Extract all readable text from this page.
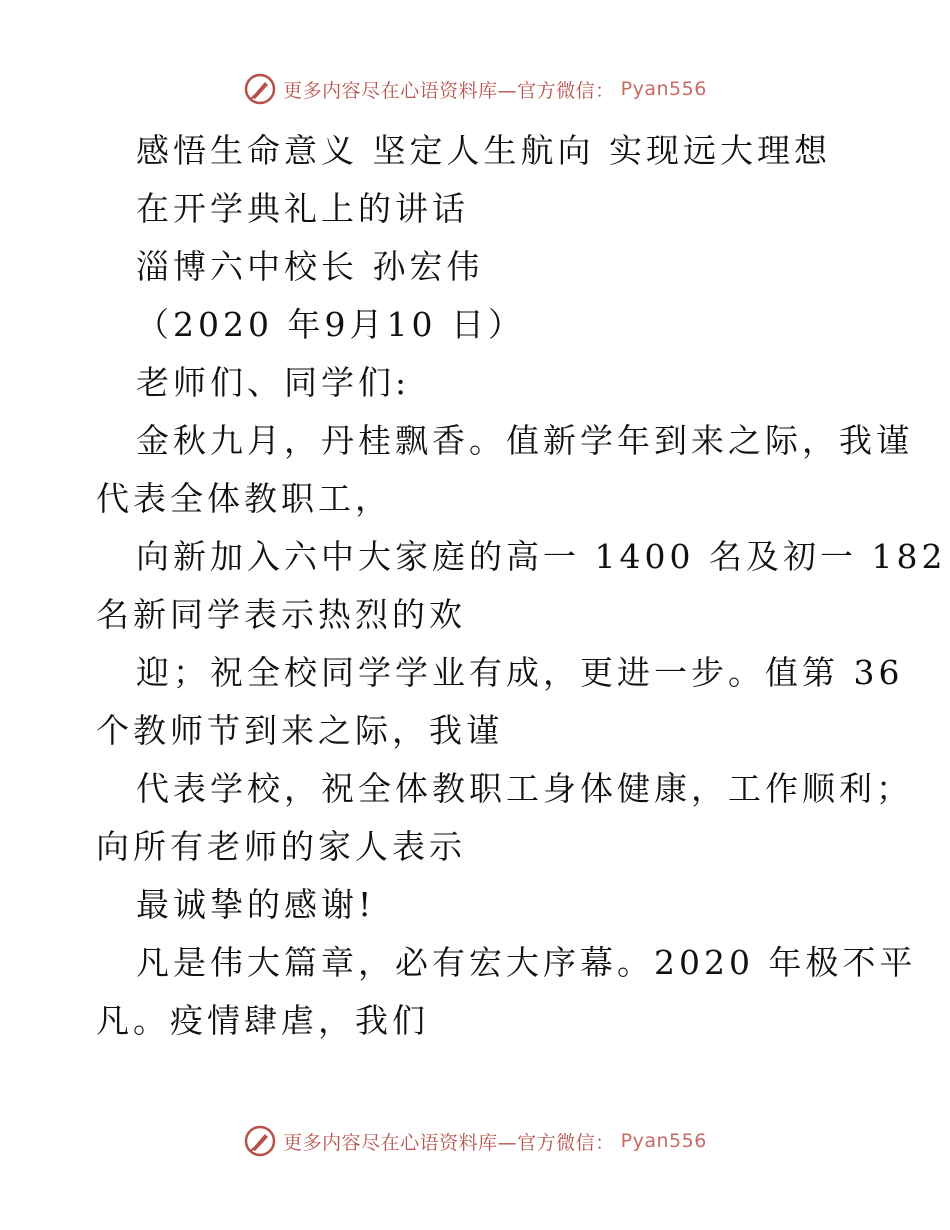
更多内容尽在心语资料库—官方微信： Pyan556
感悟生命意义 坚定人生航向 实现远大理想
在开学典礼上的讲话
淄博六中校长 孙宏伟
（2020 年9月10 日）
老师们、同学们:
金秋九月，丹桂飘香。值新学年到来之际，我谨
代表全体教职工，
向新加入六中大家庭的高一 1400 名及初一 182
名新同学表示热烈的欢
迎；祝全校同学学业有成，更进一步。值第 36
个教师节到来之际，我谨
代表学校，祝全体教职工身体健康，工作顺利；
向所有老师的家人表示
最诚挚的感谢!
凡是伟大篇章，必有宏大序幕。2020 年极不平
凡。疫情肆虐，我们
更多内容尽在心语资料库—官方微信： Pyan556
